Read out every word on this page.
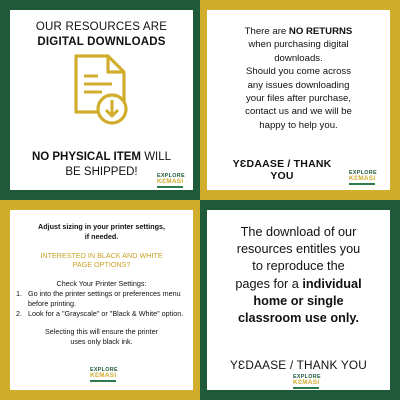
OUR RESOURCES ARE
DIGITAL DOWNLOADS
NO PHYSICAL ITEM WILL
BE SHIPPED!	EXPLORE
KƐMASI
There are NO RETURNS
when purchasing digital
downloads.
Should you come across
any issues downloading
your files after purchase,
contact us and we will be
happy to help you.
YƐDAASE / THANK YOU	EXPLORE
KƐMASI
Adjust sizing in your printer settings,
if needed.
INTERESTED IN BLACK AND WHITE
PAGE OPTIONS?
Check Your Printer Settings:
1. Go into the printer settings or preferences menu before printing.
2. Look for a "Grayscale" or "Black & White" option.
Selecting this will ensure the printer
uses only black ink.
EXPLORE
KƐMASI
The download of our
resources entitles you
to reproduce the
pages for a individual
home or single
classroom use only.
YƐDAASE / THANK YOU
EXPLORE
KƐMASI
